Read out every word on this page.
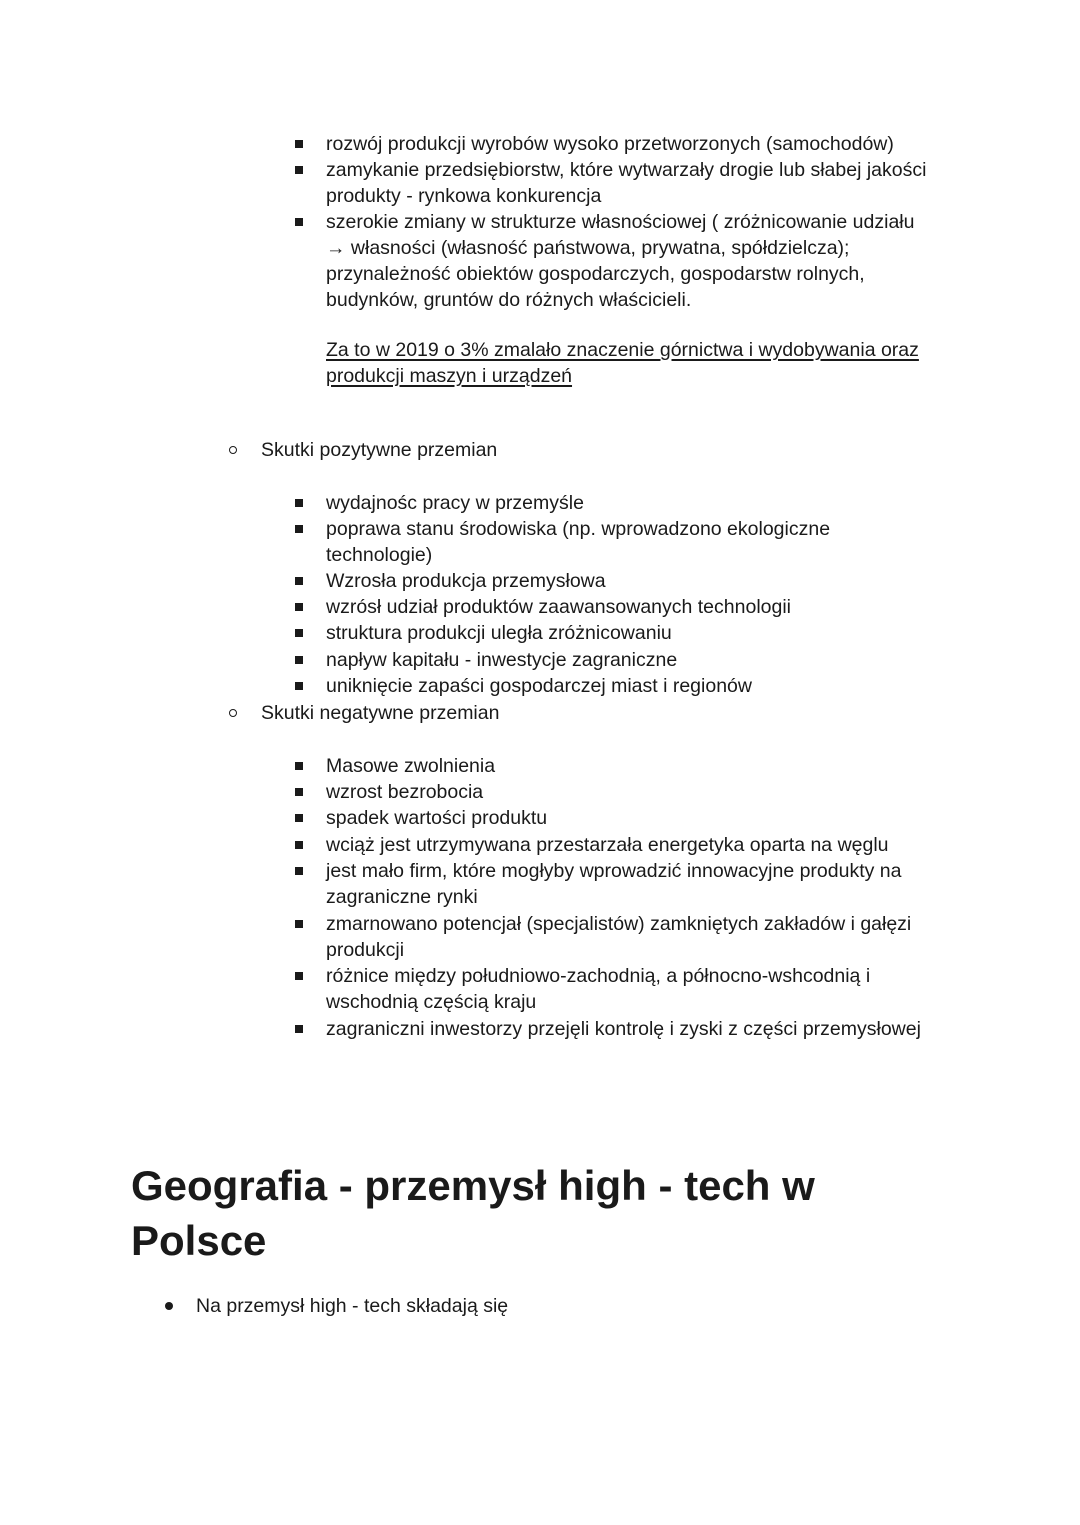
rozwój produkcji wyrobów wysoko przetworzonych (samochodów)
zamykanie przedsiębiorstw, które wytwarzały drogie lub słabej jakości
produkty - rynkowa konkurencja
szerokie zmiany w strukturze własnościowej ( zróżnicowanie udziału
→ własności (własność państwowa, prywatna, spółdzielcza);
przynależność obiektów gospodarczych, gospodarstw rolnych,
budynków, gruntów do różnych właścicieli.
Za to w 2019 o 3% zmalało znaczenie górnictwa i wydobywania oraz
produkcji maszyn i urządzeń
Skutki pozytywne przemian
wydajnośc pracy w przemyśle
poprawa stanu środowiska (np. wprowadzono ekologiczne
technologie)
Wzrosła produkcja przemysłowa
wzrósł udział produktów zaawansowanych technologii
struktura produkcji uległa zróżnicowaniu
napływ kapitału - inwestycje zagraniczne
uniknięcie zapaści gospodarczej miast i regionów
Skutki negatywne przemian
Masowe zwolnienia
wzrost bezrobocia
spadek wartości produktu
wciąż jest utrzymywana przestarzała energetyka oparta na węglu
jest mało firm, które mogłyby wprowadzić innowacyjne produkty na
zagraniczne rynki
zmarnowano potencjał (specjalistów) zamkniętych zakładów i gałęzi
produkcji
różnice między południowo-zachodnią, a północno-wshcodnią i
wschodnią częścią kraju
zagraniczni inwestorzy przejęli kontrolę i zyski z części przemysłowej
Geografia - przemysł high - tech w
Polsce
Na przemysł high - tech składają się
